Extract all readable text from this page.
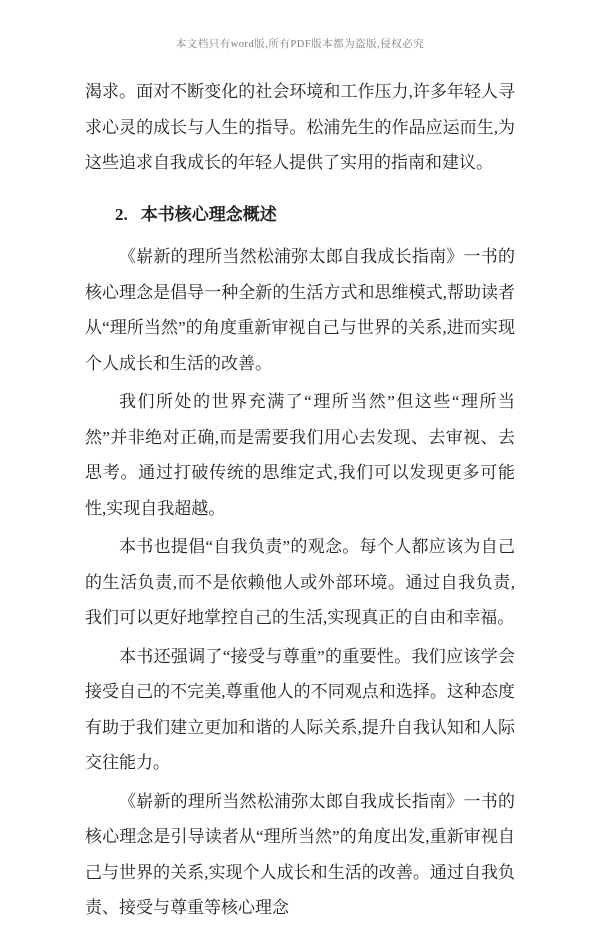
本文档只有word版,所有PDF版本都为盗版,侵权必究

渴求。面对不断变化的社会环境和工作压力,许多年轻人寻求心灵的成长与人生的指导。松浦先生的作品应运而生,为这些追求自我成长的年轻人提供了实用的指南和建议。

2. 本书核心理念概述

《崭新的理所当然松浦弥太郎自我成长指南》一书的核心理念是倡导一种全新的生活方式和思维模式,帮助读者从“理所当然”的角度重新审视自己与世界的关系,进而实现个人成长和生活的改善。

我们所处的世界充满了“理所当然”但这些“理所当然”并非绝对正确,而是需要我们用心去发现、去审视、去思考。通过打破传统的思维定式,我们可以发现更多可能性,实现自我超越。

本书也提倡“自我负责”的观念。每个人都应该为自己的生活负责,而不是依赖他人或外部环境。通过自我负责,我们可以更好地掌控自己的生活,实现真正的自由和幸福。

本书还强调了“接受与尊重”的重要性。我们应该学会接受自己的不完美,尊重他人的不同观点和选择。这种态度有助于我们建立更加和谐的人际关系,提升自我认知和人际交往能力。

《崭新的理所当然松浦弥太郎自我成长指南》一书的核心理念是引导读者从“理所当然”的角度出发,重新审视自己与世界的关系,实现个人成长和生活的改善。通过自我负责、接受与尊重等核心理念
